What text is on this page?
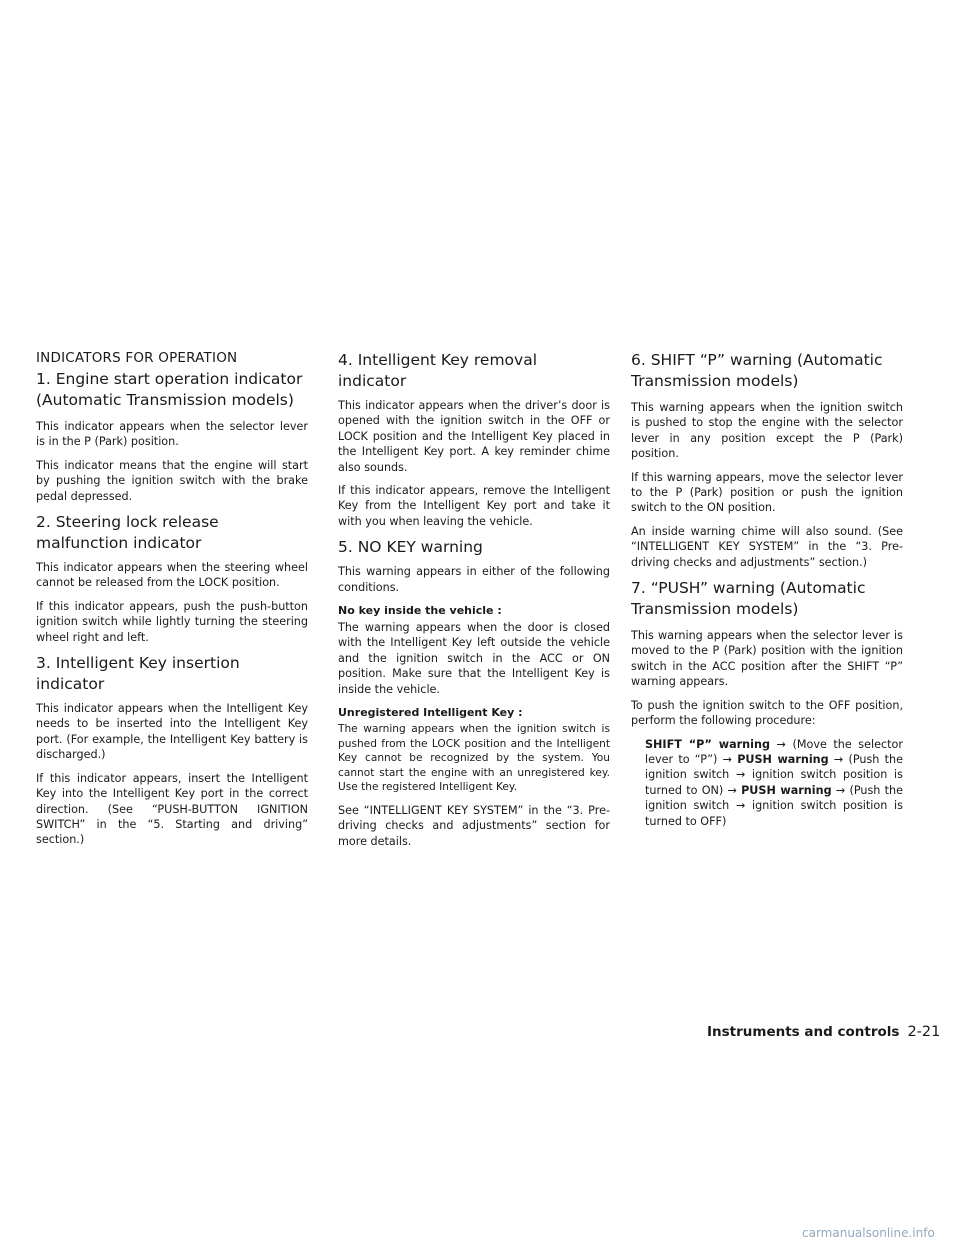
INDICATORS FOR OPERATION
1. Engine start operation indicator (Automatic Transmission models)

This indicator appears when the selector lever is in the P (Park) position.

This indicator means that the engine will start by pushing the ignition switch with the brake pedal depressed.

2. Steering lock release malfunction indicator

This indicator appears when the steering wheel cannot be released from the LOCK position.

If this indicator appears, push the push-button ignition switch while lightly turning the steering wheel right and left.

3. Intelligent Key insertion indicator

This indicator appears when the Intelligent Key needs to be inserted into the Intelligent Key port. (For example, the Intelligent Key battery is discharged.)

If this indicator appears, insert the Intelligent Key into the Intelligent Key port in the correct direction. (See “PUSH-BUTTON IGNITION SWITCH” in the “5. Starting and driving” section.)

4. Intelligent Key removal indicator

This indicator appears when the driver’s door is opened with the ignition switch in the OFF or LOCK position and the Intelligent Key placed in the Intelligent Key port. A key reminder chime also sounds.

If this indicator appears, remove the Intelligent Key from the Intelligent Key port and take it with you when leaving the vehicle.

5. NO KEY warning

This warning appears in either of the following conditions.

No key inside the vehicle :

The warning appears when the door is closed with the Intelligent Key left outside the vehicle and the ignition switch in the ACC or ON position. Make sure that the Intelligent Key is inside the vehicle.

Unregistered Intelligent Key :

The warning appears when the ignition switch is pushed from the LOCK position and the Intelligent Key cannot be recognized by the system. You cannot start the engine with an unregistered key. Use the registered Intelligent Key.

See “INTELLIGENT KEY SYSTEM” in the “3. Pre-driving checks and adjustments” section for more details.

6. SHIFT “P” warning (Automatic Transmission models)

This warning appears when the ignition switch is pushed to stop the engine with the selector lever in any position except the P (Park) position.

If this warning appears, move the selector lever to the P (Park) position or push the ignition switch to the ON position.

An inside warning chime will also sound. (See “INTELLIGENT KEY SYSTEM” in the “3. Pre-driving checks and adjustments” section.)

7. “PUSH” warning (Automatic Transmission models)

This warning appears when the selector lever is moved to the P (Park) position with the ignition switch in the ACC position after the SHIFT “P” warning appears.

To push the ignition switch to the OFF position, perform the following procedure:

SHIFT “P” warning → (Move the selector lever to “P”) → PUSH warning → (Push the ignition switch → ignition switch position is turned to ON) → PUSH warning → (Push the ignition switch → ignition switch position is turned to OFF)

Instruments and controls 2-21
carmanualsonline.info
